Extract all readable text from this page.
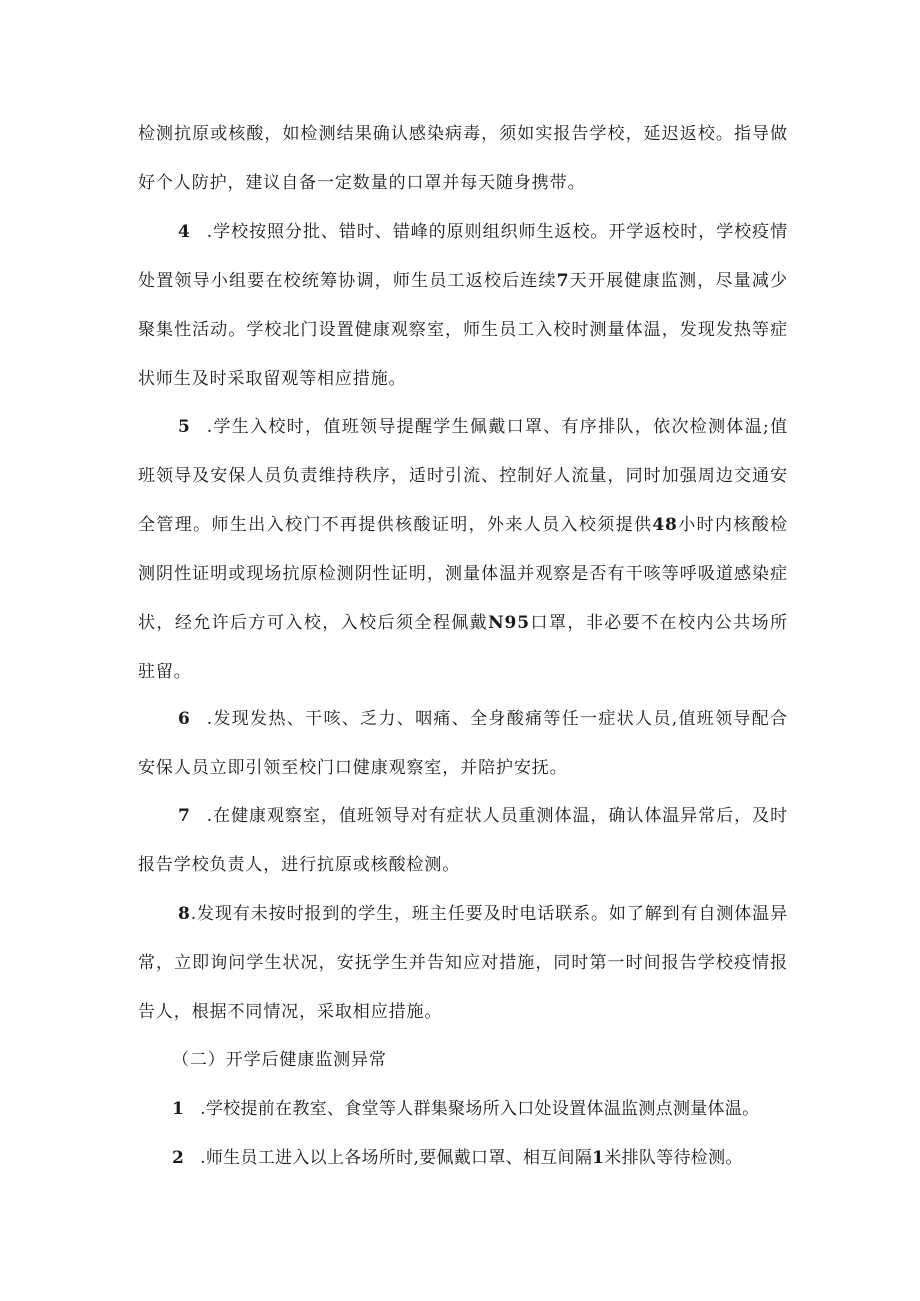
检测抗原或核酸，如检测结果确认感染病毒，须如实报告学校，延迟返校。指导做好个人防护，建议自备一定数量的口罩并每天随身携带。

4 .学校按照分批、错时、错峰的原则组织师生返校。开学返校时，学校疫情处置领导小组要在校统筹协调，师生员工返校后连续7天开展健康监测，尽量减少聚集性活动。学校北门设置健康观察室，师生员工入校时测量体温，发现发热等症状师生及时采取留观等相应措施。

5 .学生入校时，值班领导提醒学生佩戴口罩、有序排队，依次检测体温;值班领导及安保人员负责维持秩序，适时引流、控制好人流量，同时加强周边交通安全管理。师生出入校门不再提供核酸证明，外来人员入校须提供48小时内核酸检测阴性证明或现场抗原检测阴性证明，测量体温并观察是否有干咳等呼吸道感染症状，经允许后方可入校，入校后须全程佩戴N95口罩，非必要不在校内公共场所驻留。

6 .发现发热、干咳、乏力、咽痛、全身酸痛等任一症状人员,值班领导配合安保人员立即引领至校门口健康观察室，并陪护安抚。

7 .在健康观察室，值班领导对有症状人员重测体温，确认体温异常后，及时报告学校负责人，进行抗原或核酸检测。

8.发现有未按时报到的学生，班主任要及时电话联系。如了解到有自测体温异常，立即询问学生状况，安抚学生并告知应对措施，同时第一时间报告学校疫情报告人，根据不同情况，采取相应措施。

（二）开学后健康监测异常

1 .学校提前在教室、食堂等人群集聚场所入口处设置体温监测点测量体温。

2 .师生员工进入以上各场所时,要佩戴口罩、相互间隔1米排队等待检测。
